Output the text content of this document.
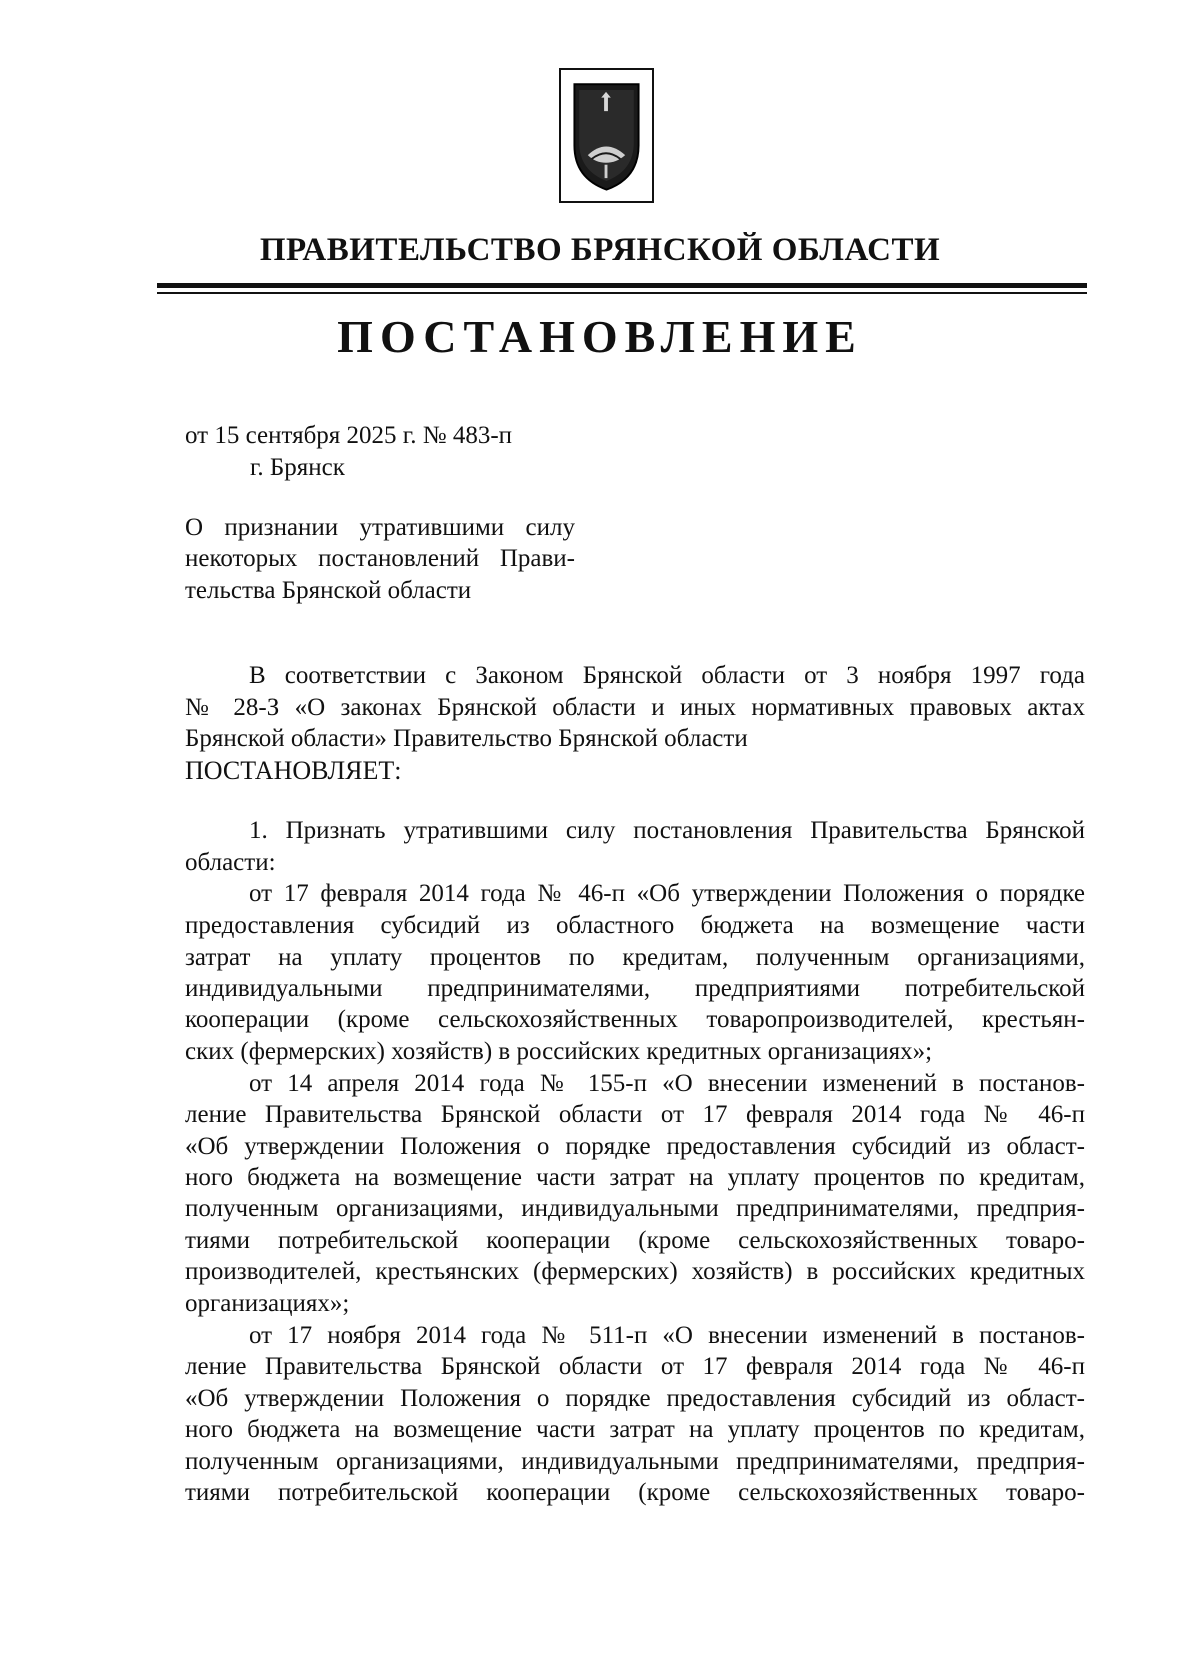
ПРАВИТЕЛЬСТВО БРЯНСКОЙ ОБЛАСТИ
ПОСТАНОВЛЕНИЕ

от 15 сентября 2025 г. № 483-п

г. Брянск

О признании утратившими силу

некоторых постановлений Прави-

тельства Брянской области

В соответствии с Законом Брянской области от 3 ноября 1997 года

№ 28-З «О законах Брянской области и иных нормативных правовых актах

Брянской области» Правительство Брянской области

ПОСТАНОВЛЯЕТ:

1. Признать утратившими силу постановления Правительства Брянской

области:

от 17 февраля 2014 года № 46-п «Об утверждении Положения о порядке

предоставления субсидий из областного бюджета на возмещение части

затрат на уплату процентов по кредитам, полученным организациями,

индивидуальными предпринимателями, предприятиями потребительской

кооперации (кроме сельскохозяйственных товаропроизводителей, крестьян-

ских (фермерских) хозяйств) в российских кредитных организациях»;

от 14 апреля 2014 года № 155-п «О внесении изменений в постанов-

ление Правительства Брянской области от 17 февраля 2014 года № 46-п

«Об утверждении Положения о порядке предоставления субсидий из област-

ного бюджета на возмещение части затрат на уплату процентов по кредитам,

полученным организациями, индивидуальными предпринимателями, предприя-

тиями потребительской кооперации (кроме сельскохозяйственных товаро-

производителей, крестьянских (фермерских) хозяйств) в российских кредитных

организациях»;

от 17 ноября 2014 года № 511-п «О внесении изменений в постанов-

ление Правительства Брянской области от 17 февраля 2014 года № 46-п

«Об утверждении Положения о порядке предоставления субсидий из област-

ного бюджета на возмещение части затрат на уплату процентов по кредитам,

полученным организациями, индивидуальными предпринимателями, предприя-

тиями потребительской кооперации (кроме сельскохозяйственных товаро-
